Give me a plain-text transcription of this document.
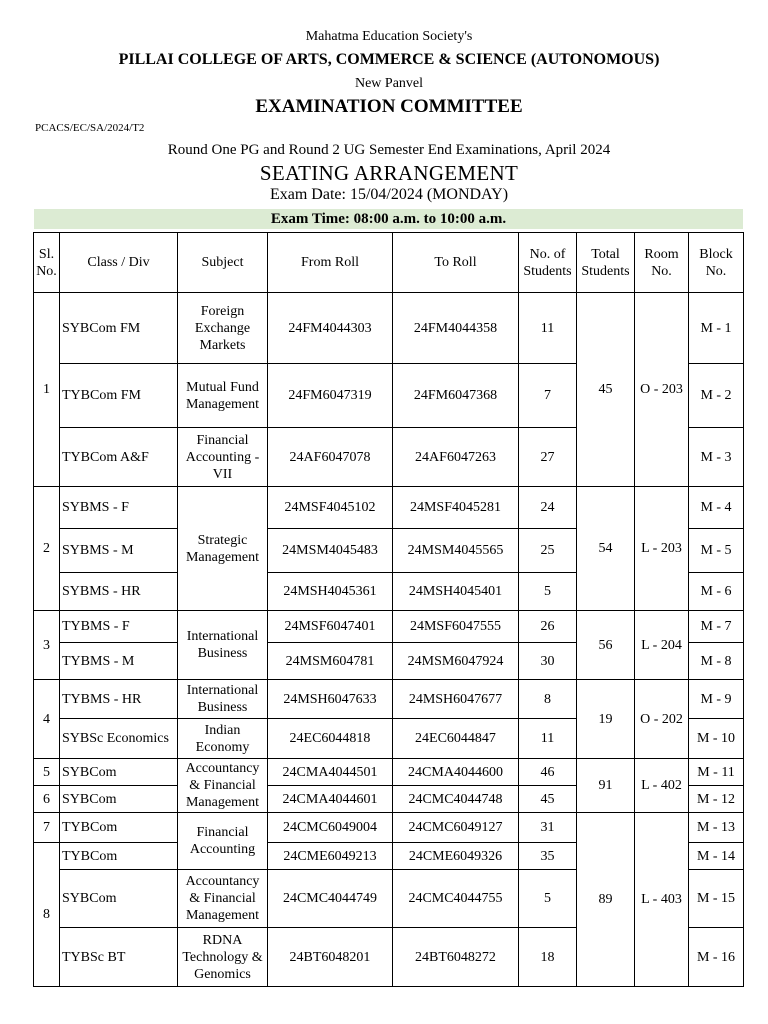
Mahatma Education Society's
PILLAI COLLEGE OF ARTS, COMMERCE & SCIENCE (AUTONOMOUS)
New Panvel
EXAMINATION COMMITTEE
PCACS/EC/SA/2024/T2
Round One PG and Round 2 UG Semester End Examinations, April 2024
SEATING ARRANGEMENT
Exam Date: 15/04/2024 (MONDAY)
Exam Time: 08:00 a.m. to 10:00 a.m.
Sl. No.	Class / Div	Subject	From Roll	To Roll	No. of Students	Total Students	Room No.	Block No.
1	SYBCom FM	Foreign Exchange Markets	24FM4044303	24FM4044358	11	45	O - 203	M - 1
	TYBCom FM	Mutual Fund Management	24FM6047319	24FM6047368	7			M - 2
	TYBCom A&F	Financial Accounting - VII	24AF6047078	24AF6047263	27			M - 3
2	SYBMS - F	Strategic Management	24MSF4045102	24MSF4045281	24	54	L - 203	M - 4
	SYBMS - M		24MSM4045483	24MSM4045565	25			M - 5
	SYBMS - HR		24MSH4045361	24MSH4045401	5			M - 6
3	TYBMS - F	International Business	24MSF6047401	24MSF6047555	26	56	L - 204	M - 7
	TYBMS - M		24MSM604781	24MSM6047924	30			M - 8
4	TYBMS - HR	International Business	24MSH6047633	24MSH6047677	8	19	O - 202	M - 9
	SYBSc Economics	Indian Economy	24EC6044818	24EC6044847	11			M - 10
5	SYBCom	Accountancy & Financial Management	24CMA4044501	24CMA4044600	46	91	L - 402	M - 11
6	SYBCom		24CMA4044601	24CMC4044748	45			M - 12
7	TYBCom	Financial Accounting	24CMC6049004	24CMC6049127	31	89	L - 403	M - 13
8	TYBCom		24CME6049213	24CME6049326	35			M - 14
	SYBCom	Accountancy & Financial Management	24CMC4044749	24CMC4044755	5			M - 15
	TYBSc BT	RDNA Technology & Genomics	24BT6048201	24BT6048272	18			M - 16
